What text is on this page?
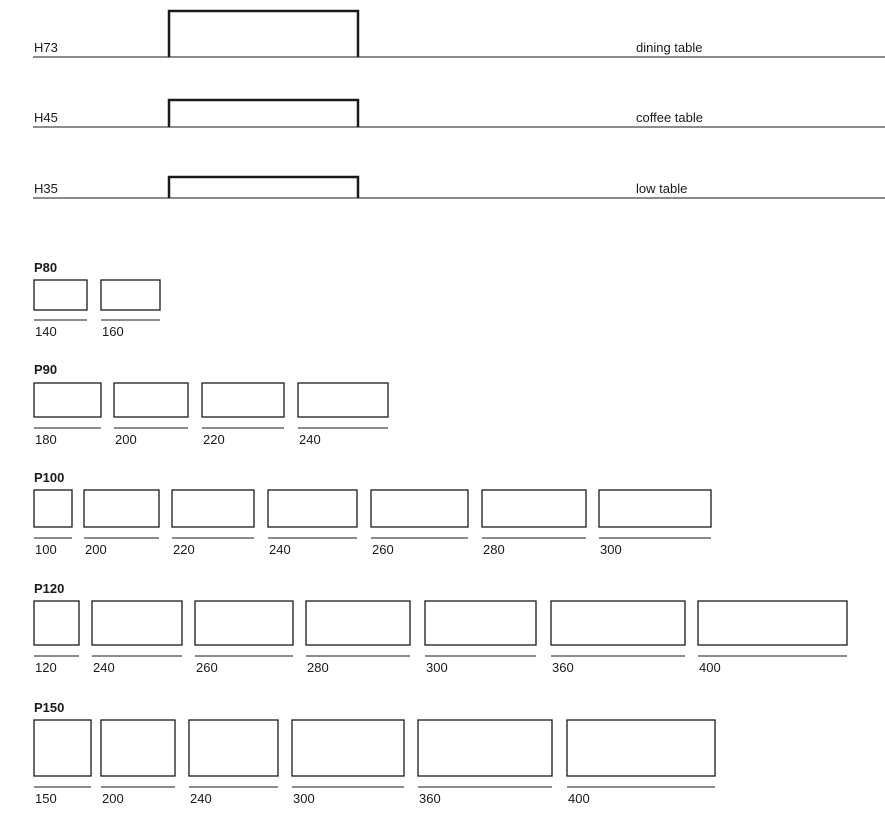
H73	dining table
H45	coffee table
H35	low table
P80
140	160
P90
180	200	220	240
P100
100 200	220	240	260	280	300
P120
120	240	260	280	300	360	400
P150
150	200	240	300	360	400
